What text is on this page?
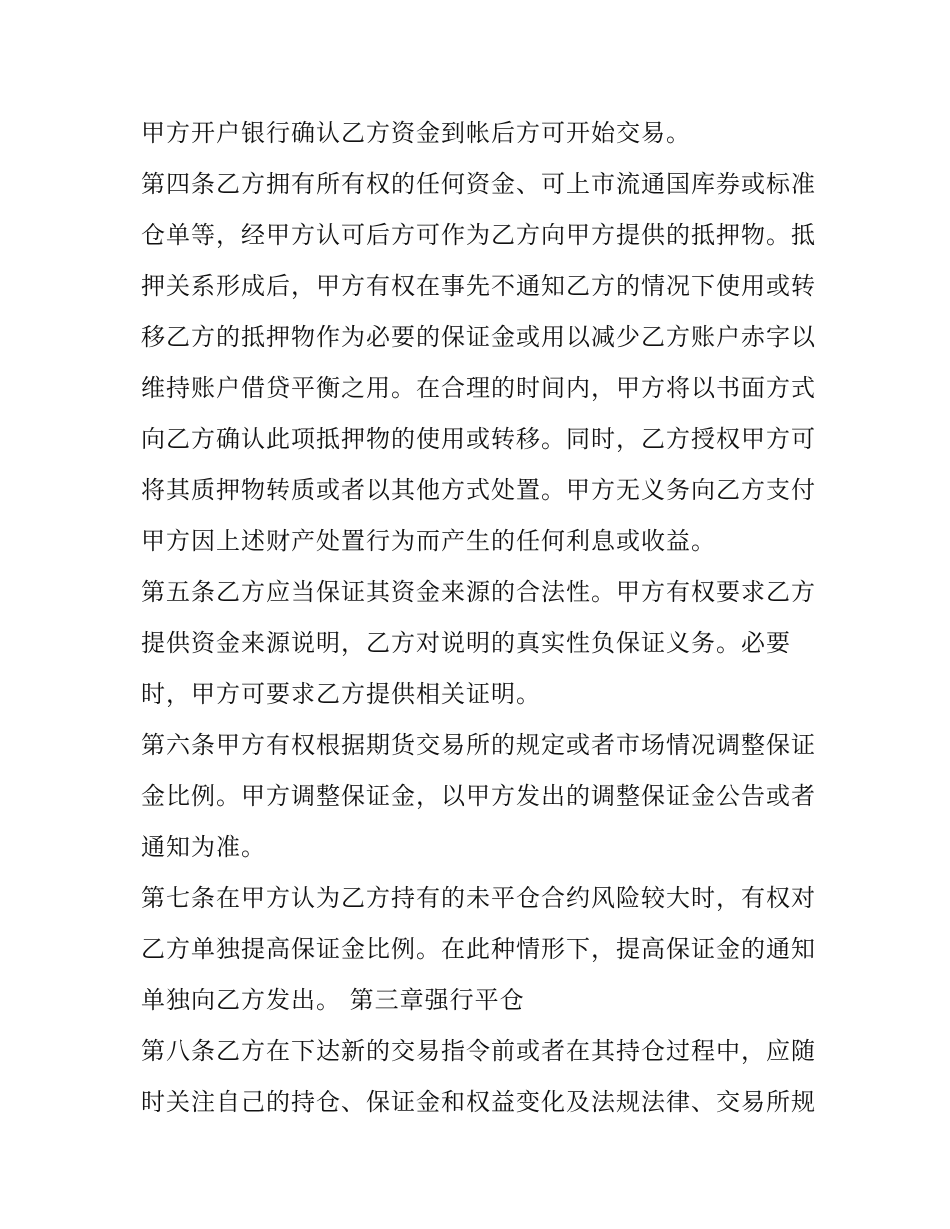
甲方开户银行确认乙方资金到帐后方可开始交易。
第四条乙方拥有所有权的任何资金、可上市流通国库券或标准
仓单等，经甲方认可后方可作为乙方向甲方提供的抵押物。抵
押关系形成后，甲方有权在事先不通知乙方的情况下使用或转
移乙方的抵押物作为必要的保证金或用以减少乙方账户赤字以
维持账户借贷平衡之用。在合理的时间内，甲方将以书面方式
向乙方确认此项抵押物的使用或转移。同时，乙方授权甲方可
将其质押物转质或者以其他方式处置。甲方无义务向乙方支付
甲方因上述财产处置行为而产生的任何利息或收益。
第五条乙方应当保证其资金来源的合法性。甲方有权要求乙方
提供资金来源说明，乙方对说明的真实性负保证义务。必要
时，甲方可要求乙方提供相关证明。
第六条甲方有权根据期货交易所的规定或者市场情况调整保证
金比例。甲方调整保证金，以甲方发出的调整保证金公告或者
通知为准。
第七条在甲方认为乙方持有的未平仓合约风险较大时，有权对
乙方单独提高保证金比例。在此种情形下，提高保证金的通知
单独向乙方发出。 第三章强行平仓
第八条乙方在下达新的交易指令前或者在其持仓过程中，应随
时关注自己的持仓、保证金和权益变化及法规法律、交易所规
